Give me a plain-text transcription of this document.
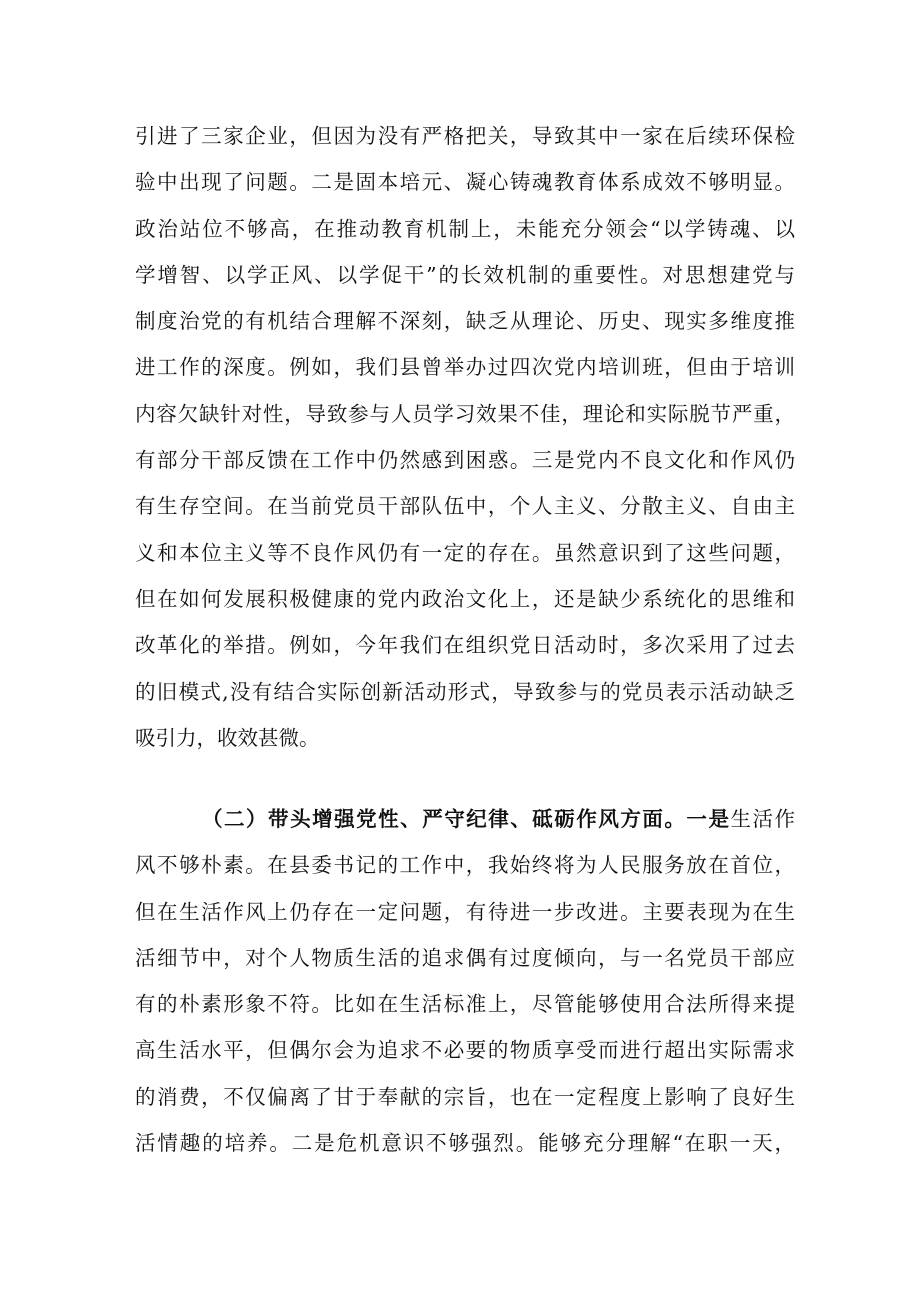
引进了三家企业，但因为没有严格把关，导致其中一家在后续环保检
验中出现了问题。二是固本培元、凝心铸魂教育体系成效不够明显。
政治站位不够高，在推动教育机制上，未能充分领会“以学铸魂、以
学增智、以学正风、以学促干”的长效机制的重要性。对思想建党与
制度治党的有机结合理解不深刻，缺乏从理论、历史、现实多维度推
进工作的深度。例如，我们县曾举办过四次党内培训班，但由于培训
内容欠缺针对性，导致参与人员学习效果不佳，理论和实际脱节严重，
有部分干部反馈在工作中仍然感到困惑。三是党内不良文化和作风仍
有生存空间。在当前党员干部队伍中，个人主义、分散主义、自由主
义和本位主义等不良作风仍有一定的存在。虽然意识到了这些问题，
但在如何发展积极健康的党内政治文化上，还是缺少系统化的思维和
改革化的举措。例如，今年我们在组织党日活动时，多次采用了过去
的旧模式,没有结合实际创新活动形式，导致参与的党员表示活动缺乏
吸引力，收效甚微。
（二）带头增强党性、严守纪律、砥砺作风方面。一是生活作
风不够朴素。在县委书记的工作中，我始终将为人民服务放在首位，
但在生活作风上仍存在一定问题，有待进一步改进。主要表现为在生
活细节中，对个人物质生活的追求偶有过度倾向，与一名党员干部应
有的朴素形象不符。比如在生活标准上，尽管能够使用合法所得来提
高生活水平，但偶尔会为追求不必要的物质享受而进行超出实际需求
的消费，不仅偏离了甘于奉献的宗旨，也在一定程度上影响了良好生
活情趣的培养。二是危机意识不够强烈。能够充分理解“在职一天，
